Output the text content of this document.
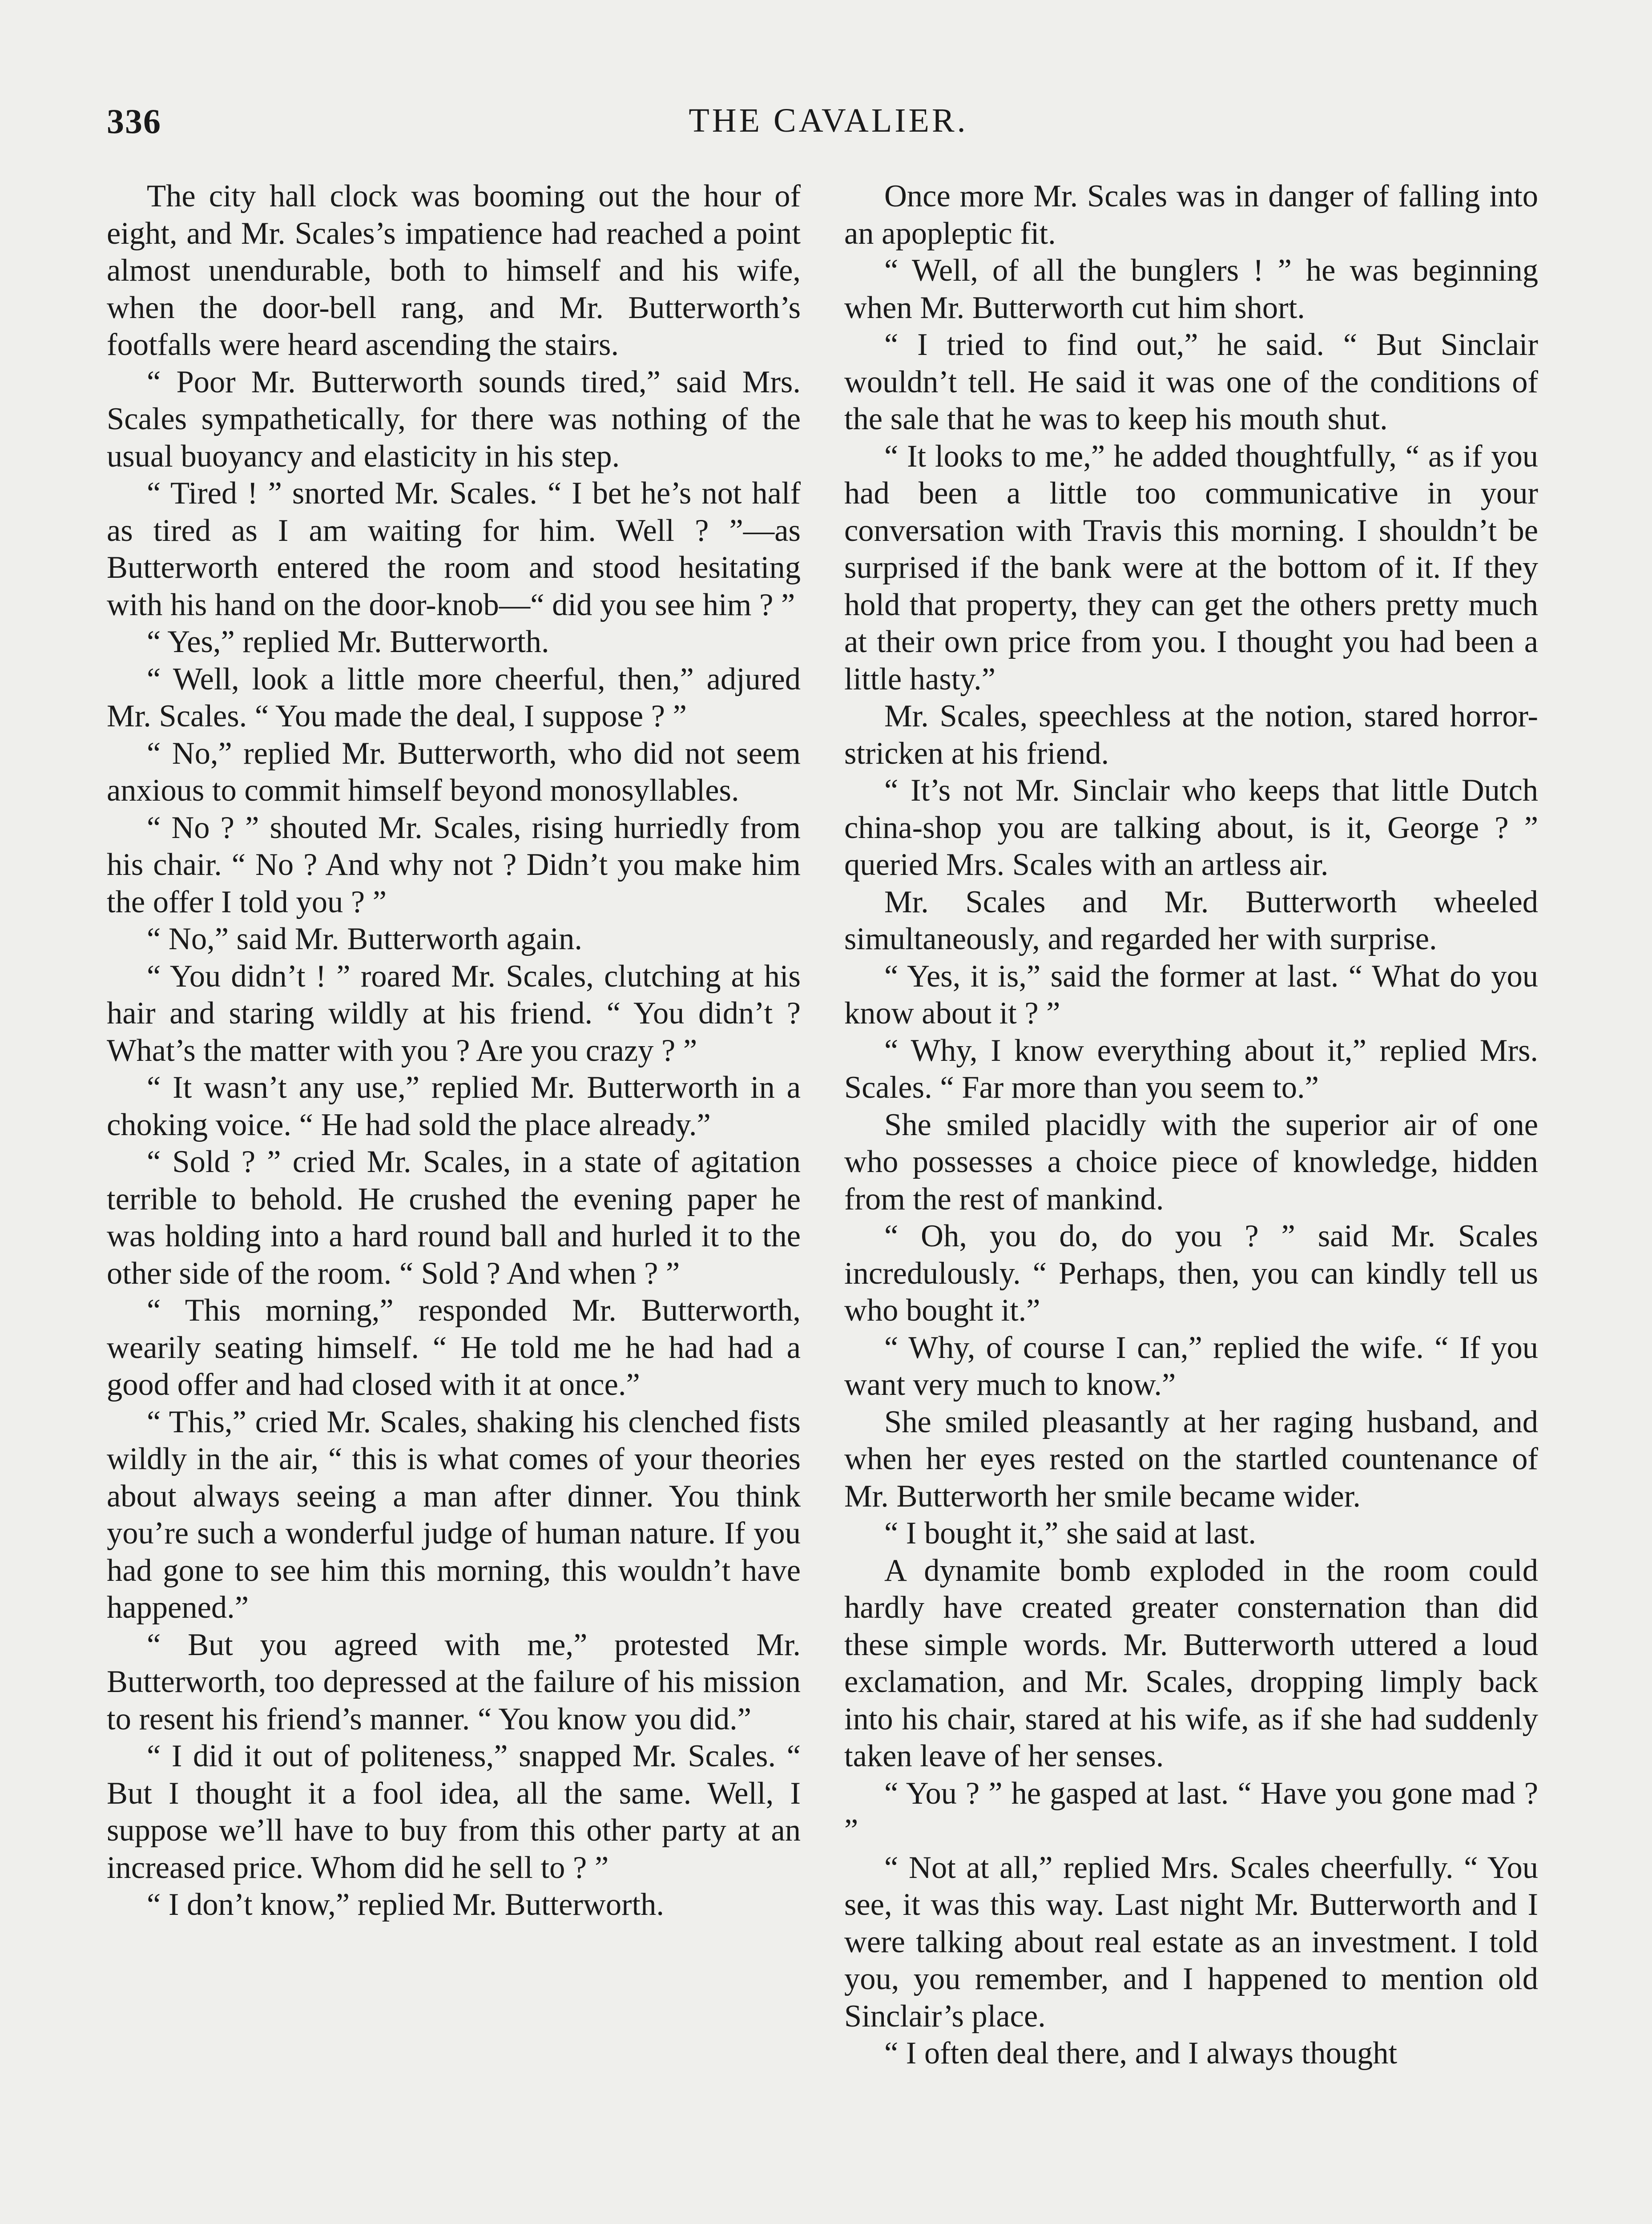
336	THE CAVALIER.

The city hall clock was booming out the hour of eight, and Mr. Scales’s impatience had reached a point almost unendurable, both to himself and his wife, when the door-bell rang, and Mr. Butterworth’s footfalls were heard ascending the stairs.

“ Poor Mr. Butterworth sounds tired,” said Mrs. Scales sympathetically, for there was nothing of the usual buoyancy and elasticity in his step.

“ Tired ! ” snorted Mr. Scales. “ I bet he’s not half as tired as I am waiting for him. Well ? ”—as Butterworth entered the room and stood hesitating with his hand on the door-knob—“ did you see him ? ”

“ Yes,” replied Mr. Butterworth.

“ Well, look a little more cheerful, then,” adjured Mr. Scales. “ You made the deal, I suppose ? ”

“ No,” replied Mr. Butterworth, who did not seem anxious to commit himself beyond monosyllables.

“ No ? ” shouted Mr. Scales, rising hurriedly from his chair. “ No ? And why not ? Didn’t you make him the offer I told you ? ”

“ No,” said Mr. Butterworth again.

“ You didn’t ! ” roared Mr. Scales, clutching at his hair and staring wildly at his friend. “ You didn’t ? What’s the matter with you ? Are you crazy ? ”

“ It wasn’t any use,” replied Mr. Butterworth in a choking voice. “ He had sold the place already.”

“ Sold ? ” cried Mr. Scales, in a state of agitation terrible to behold. He crushed the evening paper he was holding into a hard round ball and hurled it to the other side of the room. “ Sold ? And when ? ”

“ This morning,” responded Mr. Butterworth, wearily seating himself. “ He told me he had had a good offer and had closed with it at once.”

“ This,” cried Mr. Scales, shaking his clenched fists wildly in the air, “ this is what comes of your theories about always seeing a man after dinner. You think you’re such a wonderful judge of human nature. If you had gone to see him this morning, this wouldn’t have happened.”

“ But you agreed with me,” protested Mr. Butterworth, too depressed at the failure of his mission to resent his friend’s manner. “ You know you did.”

“ I did it out of politeness,” snapped Mr. Scales. “ But I thought it a fool idea, all the same. Well, I suppose we’ll have to buy from this other party at an increased price. Whom did he sell to ? ”

“ I don’t know,” replied Mr. Butterworth.

Once more Mr. Scales was in danger of falling into an apopleptic fit.

“ Well, of all the bunglers ! ” he was beginning when Mr. Butterworth cut him short.

“ I tried to find out,” he said. “ But Sinclair wouldn’t tell. He said it was one of the conditions of the sale that he was to keep his mouth shut.

“ It looks to me,” he added thoughtfully, “ as if you had been a little too communicative in your conversation with Travis this morning. I shouldn’t be surprised if the bank were at the bottom of it. If they hold that property, they can get the others pretty much at their own price from you. I thought you had been a little hasty.”

Mr. Scales, speechless at the notion, stared horror-stricken at his friend.

“ It’s not Mr. Sinclair who keeps that little Dutch china-shop you are talking about, is it, George ? ” queried Mrs. Scales with an artless air.

Mr. Scales and Mr. Butterworth wheeled simultaneously, and regarded her with surprise.

“ Yes, it is,” said the former at last. “ What do you know about it ? ”

“ Why, I know everything about it,” replied Mrs. Scales. “ Far more than you seem to.”

She smiled placidly with the superior air of one who possesses a choice piece of knowledge, hidden from the rest of mankind.

“ Oh, you do, do you ? ” said Mr. Scales incredulously. “ Perhaps, then, you can kindly tell us who bought it.”

“ Why, of course I can,” replied the wife. “ If you want very much to know.”

She smiled pleasantly at her raging husband, and when her eyes rested on the startled countenance of Mr. Butterworth her smile became wider.

“ I bought it,” she said at last.

A dynamite bomb exploded in the room could hardly have created greater consternation than did these simple words. Mr. Butterworth uttered a loud exclamation, and Mr. Scales, dropping limply back into his chair, stared at his wife, as if she had suddenly taken leave of her senses.

“ You ? ” he gasped at last. “ Have you gone mad ? ”

“ Not at all,” replied Mrs. Scales cheerfully. “ You see, it was this way. Last night Mr. Butterworth and I were talking about real estate as an investment. I told you, you remember, and I happened to mention old Sinclair’s place.

“ I often deal there, and I always thought
